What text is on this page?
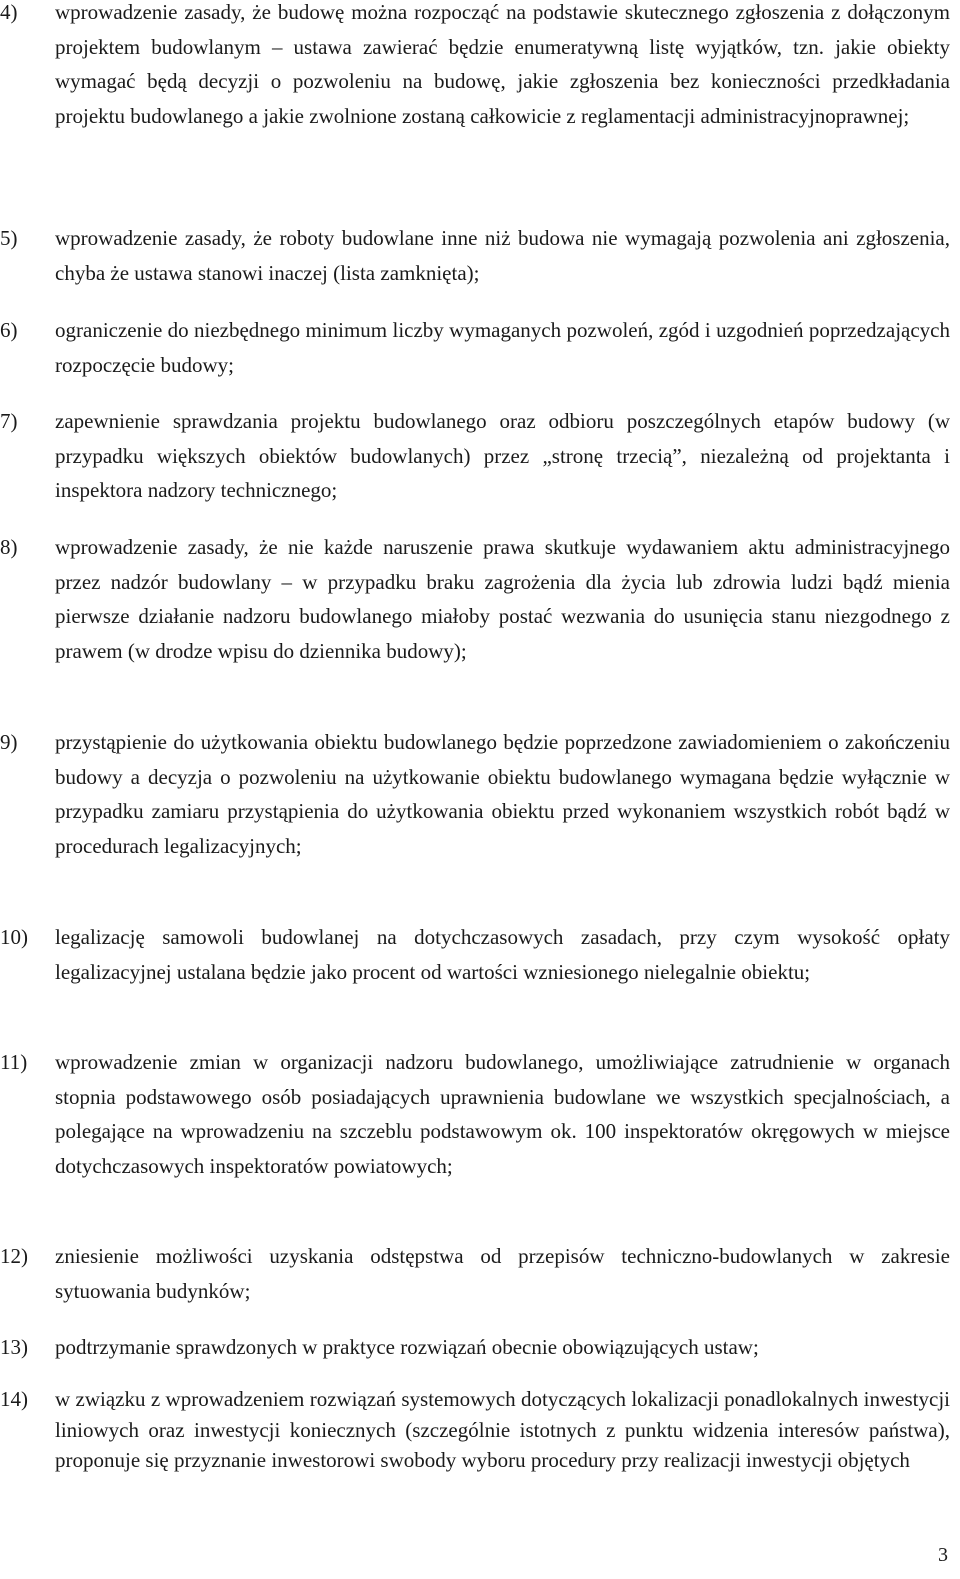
4) wprowadzenie zasady, że budowę można rozpocząć na podstawie skutecznego zgłoszenia z dołączonym projektem budowlanym – ustawa zawierać będzie enumeratywną listę wyjątków, tzn. jakie obiekty wymagać będą decyzji o pozwoleniu na budowę, jakie zgłoszenia bez konieczności przedkładania projektu budowlanego a jakie zwolnione zostaną całkowicie z reglamentacji administracyjnoprawnej;
5) wprowadzenie zasady, że roboty budowlane inne niż budowa nie wymagają pozwolenia ani zgłoszenia, chyba że ustawa stanowi inaczej (lista zamknięta);
6) ograniczenie do niezbędnego minimum liczby wymaganych pozwoleń, zgód i uzgodnień poprzedzających rozpoczęcie budowy;
7) zapewnienie sprawdzania projektu budowlanego oraz odbioru poszczególnych etapów budowy (w przypadku większych obiektów budowlanych) przez „stronę trzecią”, niezależną od projektanta i inspektora nadzory technicznego;
8) wprowadzenie zasady, że nie każde naruszenie prawa skutkuje wydawaniem aktu administracyjnego przez nadzór budowlany – w przypadku braku zagrożenia dla życia lub zdrowia ludzi bądź mienia pierwsze działanie nadzoru budowlanego miałoby postać wezwania do usunięcia stanu niezgodnego z prawem (w drodze wpisu do dziennika budowy);
9) przystąpienie do użytkowania obiektu budowlanego będzie poprzedzone zawiadomieniem o zakończeniu budowy a decyzja o pozwoleniu na użytkowanie obiektu budowlanego wymagana będzie wyłącznie w przypadku zamiaru przystąpienia do użytkowania obiektu przed wykonaniem wszystkich robót bądź w procedurach legalizacyjnych;
10) legalizację samowoli budowlanej na dotychczasowych zasadach, przy czym wysokość opłaty legalizacyjnej ustalana będzie jako procent od wartości wzniesionego nielegalnie obiektu;
11) wprowadzenie zmian w organizacji nadzoru budowlanego, umożliwiające zatrudnienie w organach stopnia podstawowego osób posiadających uprawnienia budowlane we wszystkich specjalnościach, a polegające na wprowadzeniu na szczeblu podstawowym ok. 100 inspektoratów okręgowych w miejsce dotychczasowych inspektoratów powiatowych;
12) zniesienie możliwości uzyskania odstępstwa od przepisów techniczno-budowlanych w zakresie sytuowania budynków;
13) podtrzymanie sprawdzonych w praktyce rozwiązań obecnie obowiązujących ustaw;
14) w związku z wprowadzeniem rozwiązań systemowych dotyczących lokalizacji ponadlokalnych inwestycji liniowych oraz inwestycji koniecznych (szczególnie istotnych z punktu widzenia interesów państwa), proponuje się przyznanie inwestorowi swobody wyboru procedury przy realizacji inwestycji objętych
3
